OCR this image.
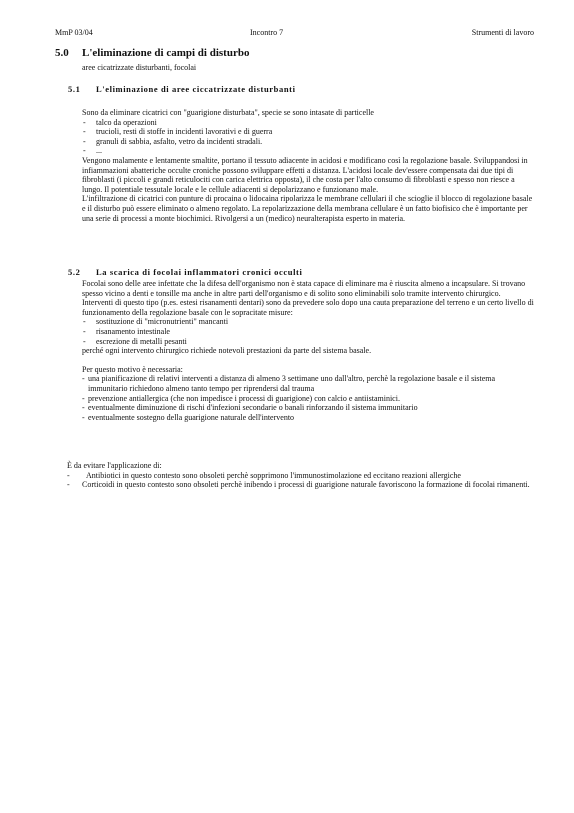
MmP 03/04	Incontro 7	Strumenti di lavoro
5.0 L'eliminazione di campi di disturbo
aree cicatrizzate disturbanti, focolai
5.1 L'eliminazione di aree ciccatrizzate disturbanti

Sono da eliminare cicatrici con "guarigione disturbata", specie se sono intasate di particelle

- talco da operazioni
- trucioli, resti di stoffe in incidenti lavorativi e di guerra
- granuli di sabbia, asfalto, vetro da incidenti stradali.
- ...

Vengono malamente e lentamente smaltite, portano il tessuto adiacente in acidosi e modificano così la regolazione basale. Sviluppandosi in infiammazioni abatteriche occulte croniche possono sviluppare effetti a distanza. L'acidosi locale dev'essere compensata dai due tipi di fibroblasti (i piccoli e grandi reticulociti con carica elettrica opposta), il che costa per l'alto consumo di fibroblasti e spesso non riesce a lungo. Il potentiale tessutale locale e le cellule adiacenti si depolarizzano e funzionano male.

L'infiltrazione di cicatrici con punture di procaina o lidocaina ripolarizza le membrane cellulari il che scioglie il blocco di regolazione basale e il disturbo può essere eliminato o almeno regolato. La repolarizzazione della membrana cellulare è un fatto biofisico che è importante per una serie di processi a monte biochimici. Rivolgersi a un (medico) neuralterapista esperto in materia.

5.2 La scarica di focolai inflammatori cronici occulti

Focolai sono delle aree infettate che la difesa dell'organismo non è stata capace di eliminare ma è riuscita almeno a incapsulare. Si trovano spesso vicino a denti e tonsille ma anche in altre parti dell'organismo e di solito sono eliminabili solo tramite intervento chirurgico.

Interventi di questo tipo (p.es. estesi risanamenti dentari) sono da prevedere solo dopo una cauta preparazione del terreno e un certo livello di funzionamento della regolazione basale con le sopracitate misure:

- sostituzione di "micronutrienti" mancanti
- risanamento intestinale
- escrezione di metalli pesanti

perché ogni intervento chirurgico richiede notevoli prestazioni da parte del sistema basale.

Per questo motivo è necessaria:

- una pianificazione di relativi interventi a distanza di almeno 3 settimane uno dall'altro, perchè la regolazione basale e il sistema immunitario richiedono almeno tanto tempo per riprendersi dal trauma
- prevenzione antiallergica (che non impedisce i processi di guarigione) con calcio e antiistaminici.
- eventualmente diminuzione di rischi d'infezioni secondarie o banali rinforzando il sistema immunitario
- eventualmente sostegno della guarigione naturale dell'intervento

È da evitare l'applicazione di:

- Antibiotici in questo contesto sono obsoleti perchè sopprimono l'immunostimolazione ed eccitano reazioni allergiche

- Corticoidi in questo contesto sono obsoleti perchè inibendo i processi di guarigione naturale favoriscono la formazione di focolai rimanenti.
